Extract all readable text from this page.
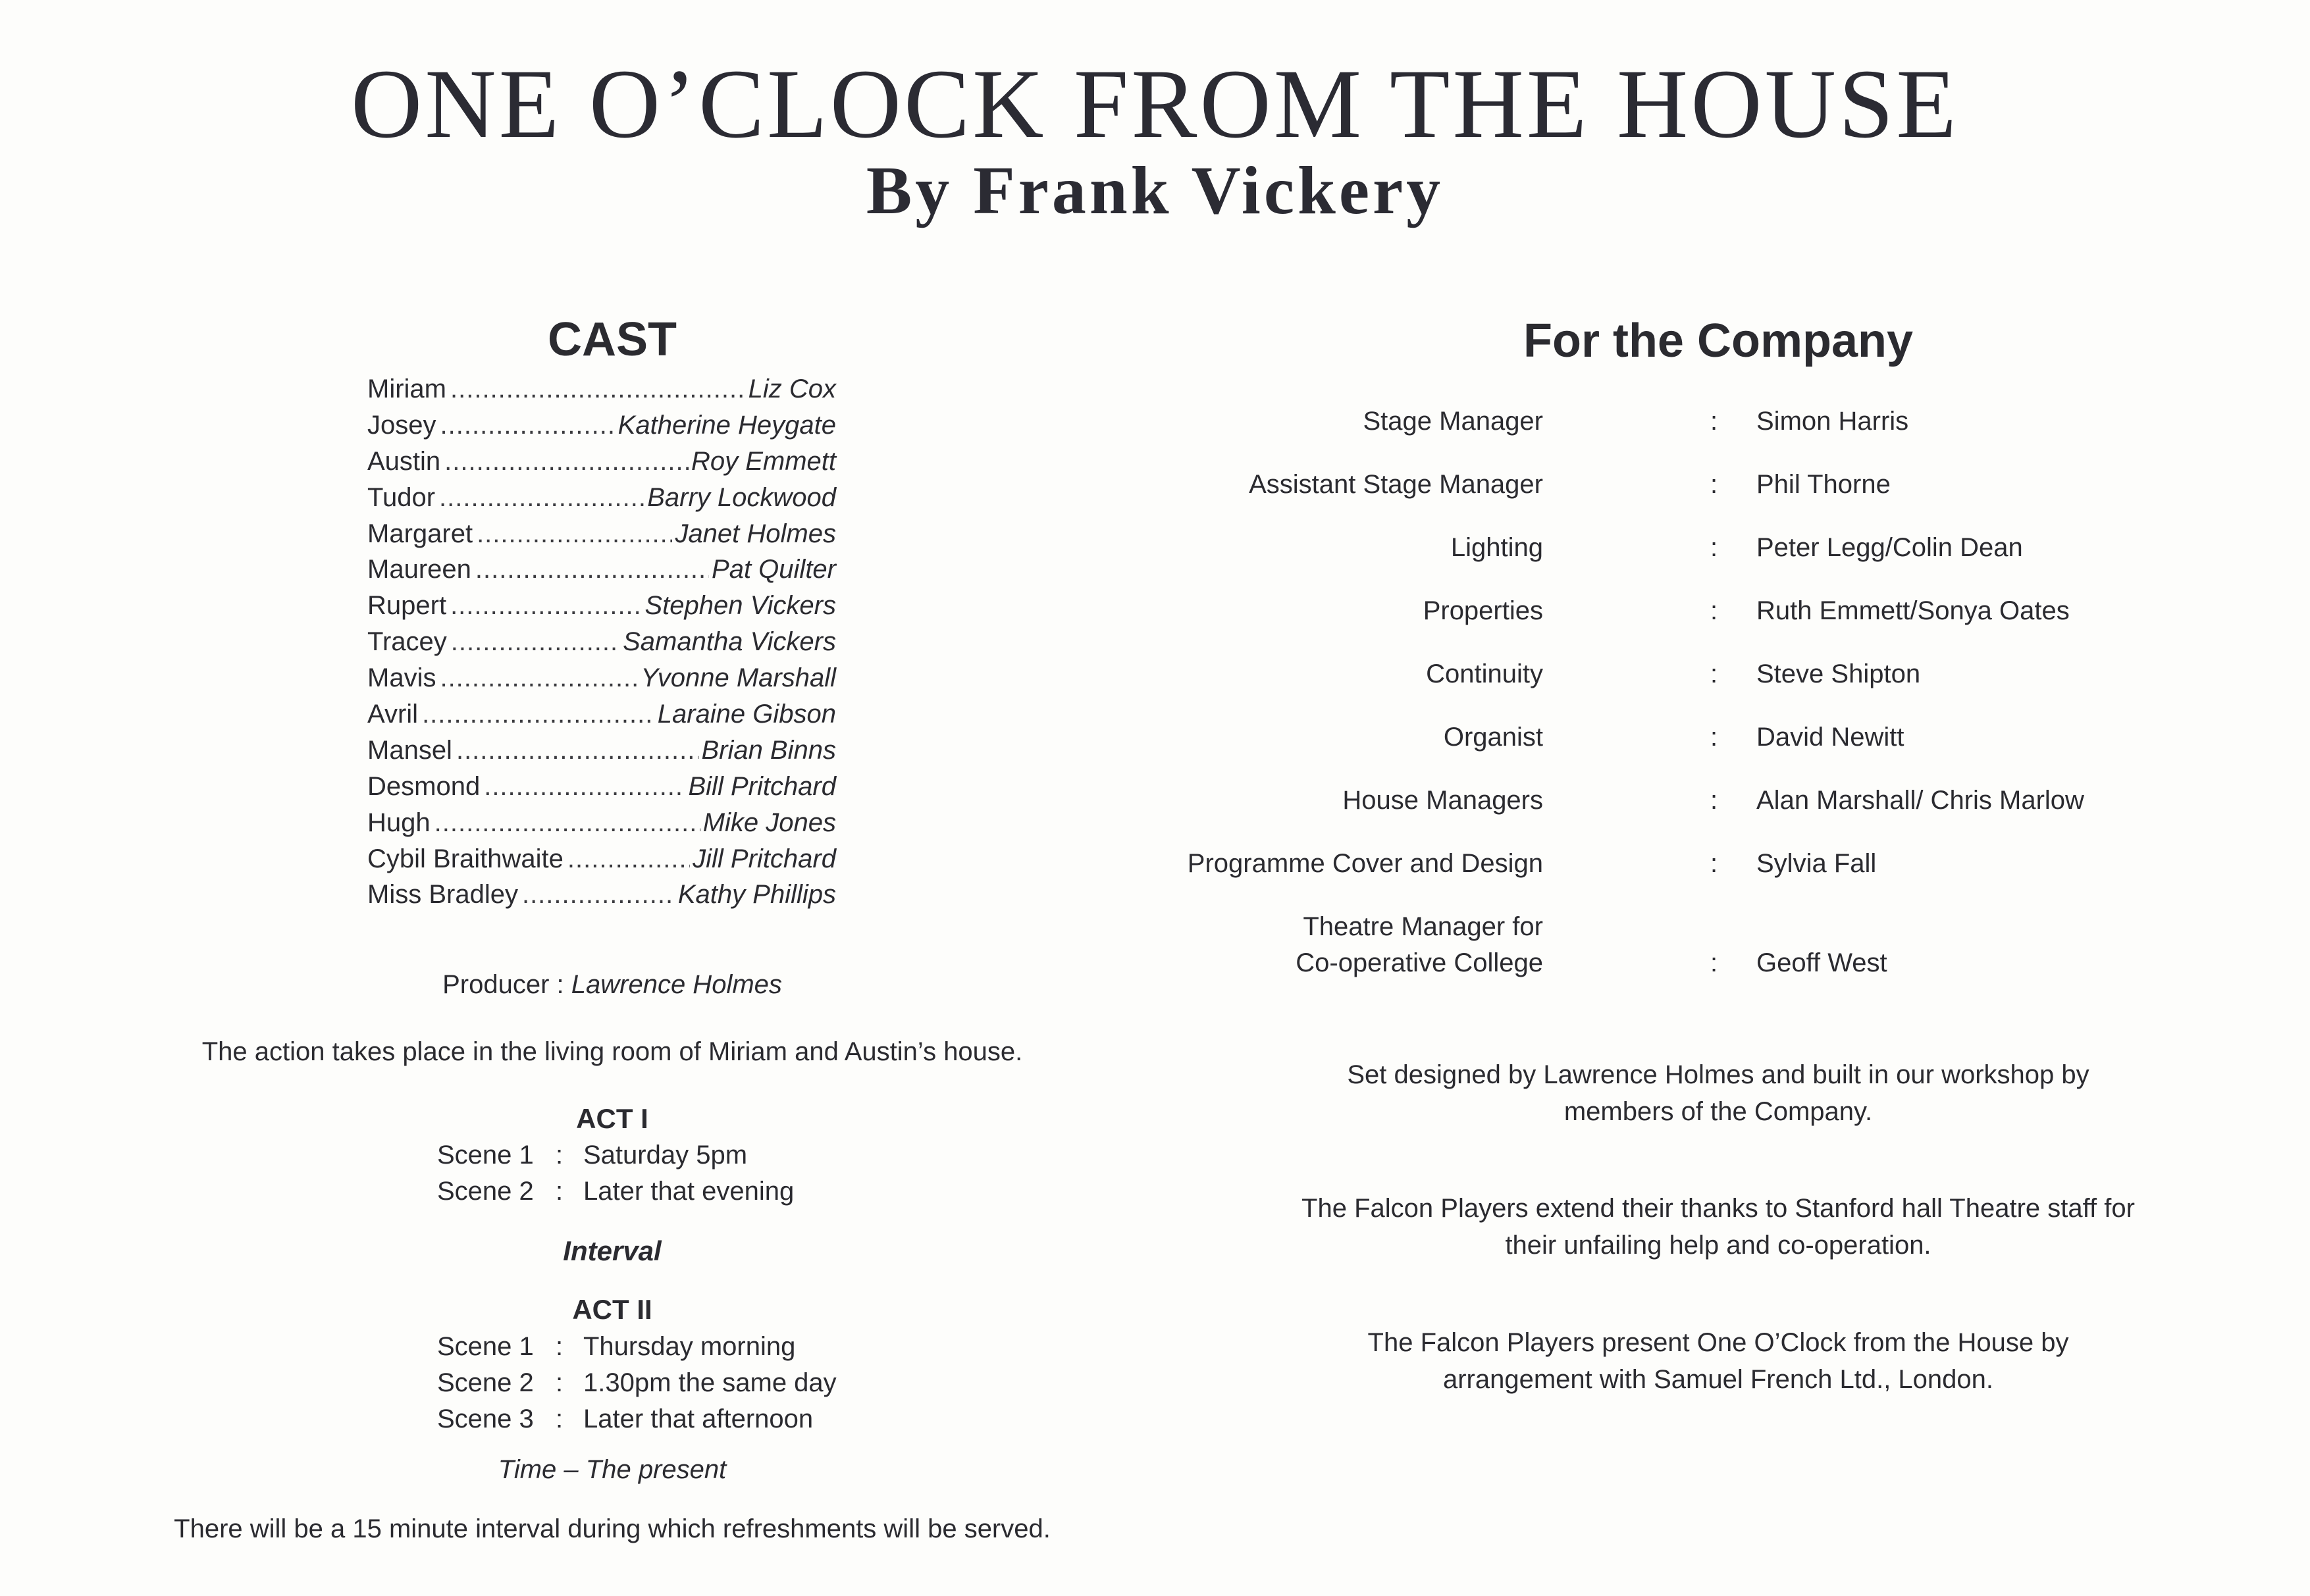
ONE O’CLOCK FROM THE HOUSE
By Frank Vickery
CAST
Miriam .....	Liz Cox
Josey .....	Katherine Heygate
Austin .....	Roy Emmett
Tudor .....	Barry Lockwood
Margaret .....	Janet Holmes
Maureen .....	Pat Quilter
Rupert .....	Stephen Vickers
Tracey .....	Samantha Vickers
Mavis .....	Yvonne Marshall
Avril .....	Laraine Gibson
Mansel .....	Brian Binns
Desmond .....	Bill Pritchard
Hugh .....	Mike Jones
Cybil Braithwaite .....	Jill Pritchard
Miss Bradley .....	Kathy Phillips
Producer : Lawrence Holmes
The action takes place in the living room of Miriam and Austin’s house.
ACT I
Scene 1 : Saturday 5pm
Scene 2 : Later that evening
Interval
ACT II
Scene 1 : Thursday morning
Scene 2 : 1.30pm the same day
Scene 3 : Later that afternoon
Time – The present
There will be a 15 minute interval during which refreshments will be served.
For the Company
Stage Manager	: Simon Harris
Assistant Stage Manager	: Phil Thorne
Lighting	: Peter Legg/Colin Dean
Properties	: Ruth Emmett/Sonya Oates
Continuity	: Steve Shipton
Organist	: David Newitt
House Managers	: Alan Marshall/ Chris Marlow
Programme Cover and Design	: Sylvia Fall
Theatre Manager for
Co-operative College	: Geoff West
Set designed by Lawrence Holmes and built in our workshop by
members of the Company.
The Falcon Players extend their thanks to Stanford hall Theatre staff for
their unfailing help and co-operation.
The Falcon Players present One O’Clock from the House by
arrangement with Samuel French Ltd., London.
